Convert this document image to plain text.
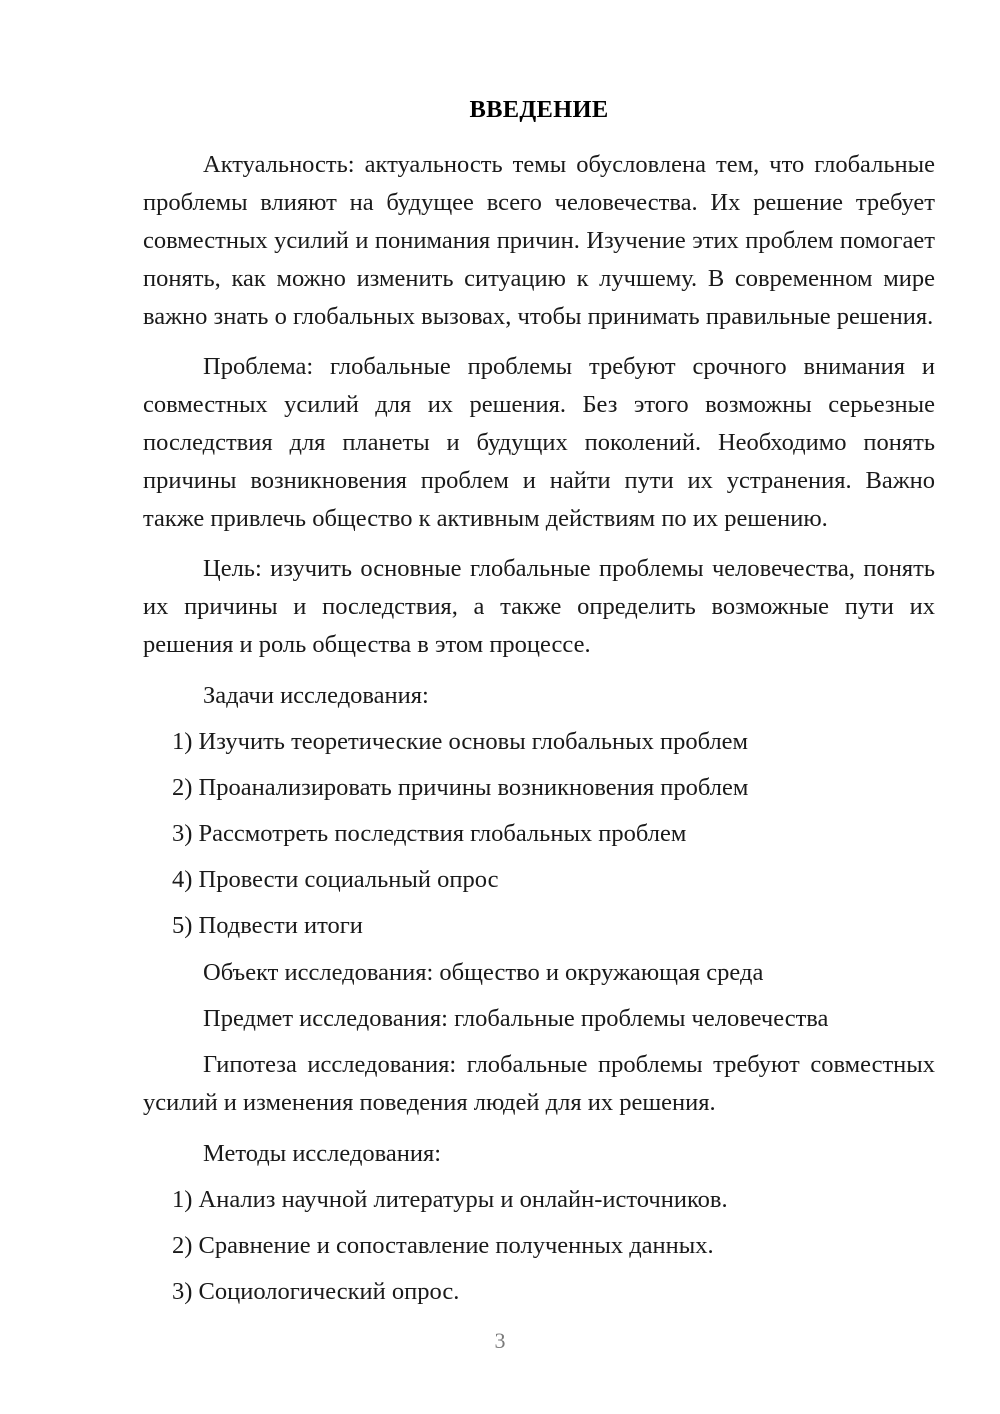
ВВЕДЕНИЕ

Актуальность: актуальность темы обусловлена тем, что глобальные проблемы влияют на будущее всего человечества. Их решение требует совместных усилий и понимания причин. Изучение этих проблем помогает понять, как можно изменить ситуацию к лучшему. В современном мире важно знать о глобальных вызовах, чтобы принимать правильные решения.

Проблема: глобальные проблемы требуют срочного внимания и совместных усилий для их решения. Без этого возможны серьезные последствия для планеты и будущих поколений. Необходимо понять причины возникновения проблем и найти пути их устранения. Важно также привлечь общество к активным действиям по их решению.

Цель: изучить основные глобальные проблемы человечества, понять их причины и последствия, а также определить возможные пути их решения и роль общества в этом процессе.

Задачи исследования:

1) Изучить теоретические основы глобальных проблем

2) Проанализировать причины возникновения проблем

3) Рассмотреть последствия глобальных проблем

4) Провести социальный опрос

5) Подвести итоги

Объект исследования: общество и окружающая среда

Предмет исследования: глобальные проблемы человечества

Гипотеза исследования: глобальные проблемы требуют совместных усилий и изменения поведения людей для их решения.

Методы исследования:

1) Анализ научной литературы и онлайн-источников.

2) Сравнение и сопоставление полученных данных.

3) Социологический опрос.

3
